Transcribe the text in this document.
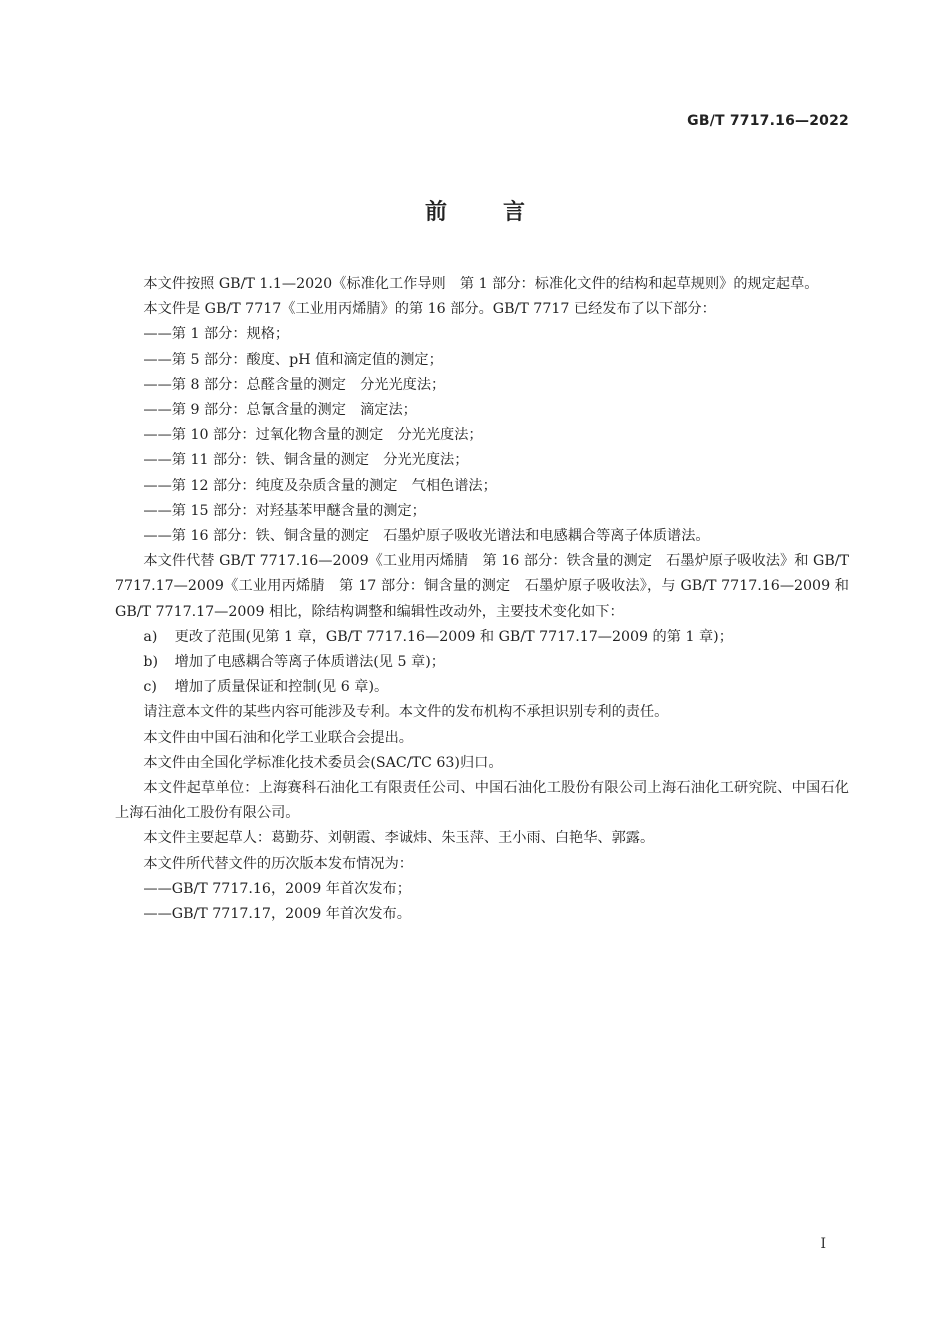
GB/T 7717.16—2022
前言

本文件按照 GB/T 1.1—2020《标准化工作导则　第 1 部分：标准化文件的结构和起草规则》的规定起草。

本文件是 GB/T 7717《工业用丙烯腈》的第 16 部分。GB/T 7717 已经发布了以下部分：

——第 1 部分：规格；

——第 5 部分：酸度、pH 值和滴定值的测定；

——第 8 部分：总醛含量的测定　分光光度法；

——第 9 部分：总氰含量的测定　滴定法；

——第 10 部分：过氧化物含量的测定　分光光度法；

——第 11 部分：铁、铜含量的测定　分光光度法；

——第 12 部分：纯度及杂质含量的测定　气相色谱法；

——第 15 部分：对羟基苯甲醚含量的测定；

——第 16 部分：铁、铜含量的测定　石墨炉原子吸收光谱法和电感耦合等离子体质谱法。

本文件代替 GB/T 7717.16—2009《工业用丙烯腈　第 16 部分：铁含量的测定　石墨炉原子吸收法》和 GB/T 7717.17—2009《工业用丙烯腈　第 17 部分：铜含量的测定　石墨炉原子吸收法》，与 GB/T 7717.16—2009 和 GB/T 7717.17—2009 相比，除结构调整和编辑性改动外，主要技术变化如下：

a) 更改了范围(见第 1 章，GB/T 7717.16—2009 和 GB/T 7717.17—2009 的第 1 章)；

b) 增加了电感耦合等离子体质谱法(见 5 章)；

c) 增加了质量保证和控制(见 6 章)。

请注意本文件的某些内容可能涉及专利。本文件的发布机构不承担识别专利的责任。

本文件由中国石油和化学工业联合会提出。

本文件由全国化学标准化技术委员会(SAC/TC 63)归口。

本文件起草单位：上海赛科石油化工有限责任公司、中国石油化工股份有限公司上海石油化工研究院、中国石化上海石油化工股份有限公司。

本文件主要起草人：葛勤芬、刘朝霞、李诚炜、朱玉萍、王小雨、白艳华、郭露。

本文件所代替文件的历次版本发布情况为：

——GB/T 7717.16，2009 年首次发布；

——GB/T 7717.17，2009 年首次发布。

I
